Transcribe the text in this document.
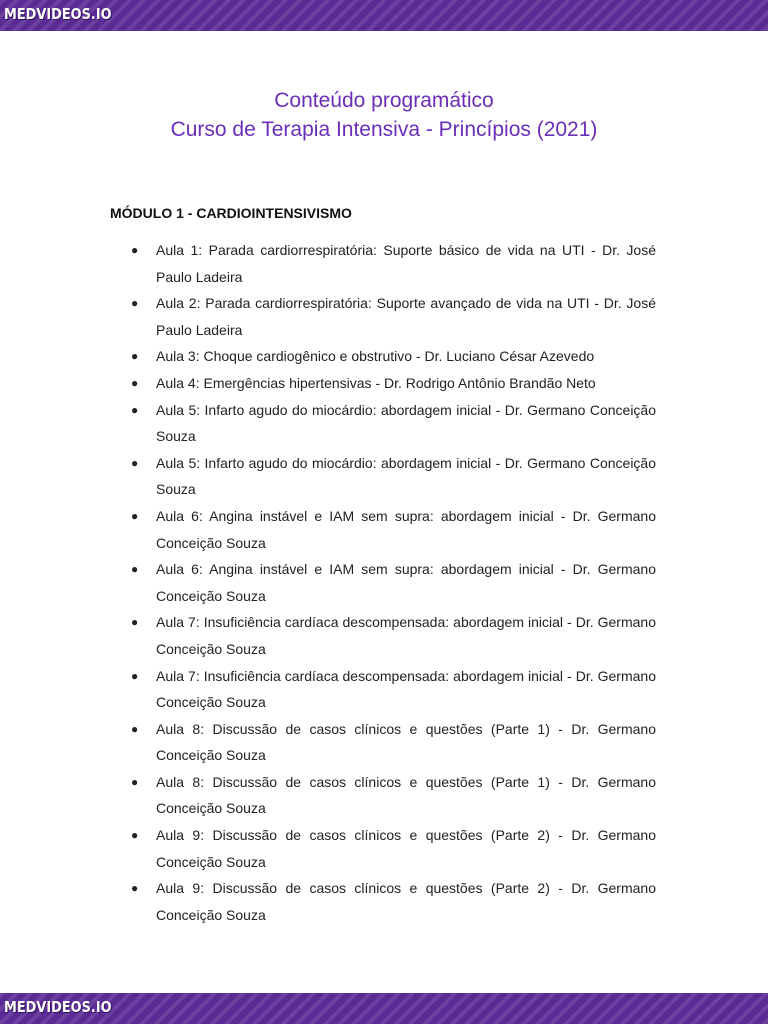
MEDVIDEOS.IO
Conteúdo programático
Curso de Terapia Intensiva - Princípios (2021)
MÓDULO 1 - CARDIOINTENSIVISMO
● Aula 1: Parada cardiorrespiratória: Suporte básico de vida na UTI - Dr. José Paulo Ladeira
● Aula 2: Parada cardiorrespiratória: Suporte avançado de vida na UTI - Dr. José Paulo Ladeira
● Aula 3: Choque cardiogênico e obstrutivo - Dr. Luciano César Azevedo
● Aula 4: Emergências hipertensivas - Dr. Rodrigo Antônio Brandão Neto
● Aula 5: Infarto agudo do miocárdio: abordagem inicial - Dr. Germano Conceição Souza
● Aula 5: Infarto agudo do miocárdio: abordagem inicial - Dr. Germano Conceição Souza
● Aula 6: Angina instável e IAM sem supra: abordagem inicial - Dr. Germano Conceição Souza
● Aula 6: Angina instável e IAM sem supra: abordagem inicial - Dr. Germano Conceição Souza
● Aula 7: Insuficiência cardíaca descompensada: abordagem inicial - Dr. Germano Conceição Souza
● Aula 7: Insuficiência cardíaca descompensada: abordagem inicial - Dr. Germano Conceição Souza
● Aula 8: Discussão de casos clínicos e questões (Parte 1) - Dr. Germano Conceição Souza
● Aula 8: Discussão de casos clínicos e questões (Parte 1) - Dr. Germano Conceição Souza
● Aula 9: Discussão de casos clínicos e questões (Parte 2) - Dr. Germano Conceição Souza
● Aula 9: Discussão de casos clínicos e questões (Parte 2) - Dr. Germano Conceição Souza
MEDVIDEOS.IO
